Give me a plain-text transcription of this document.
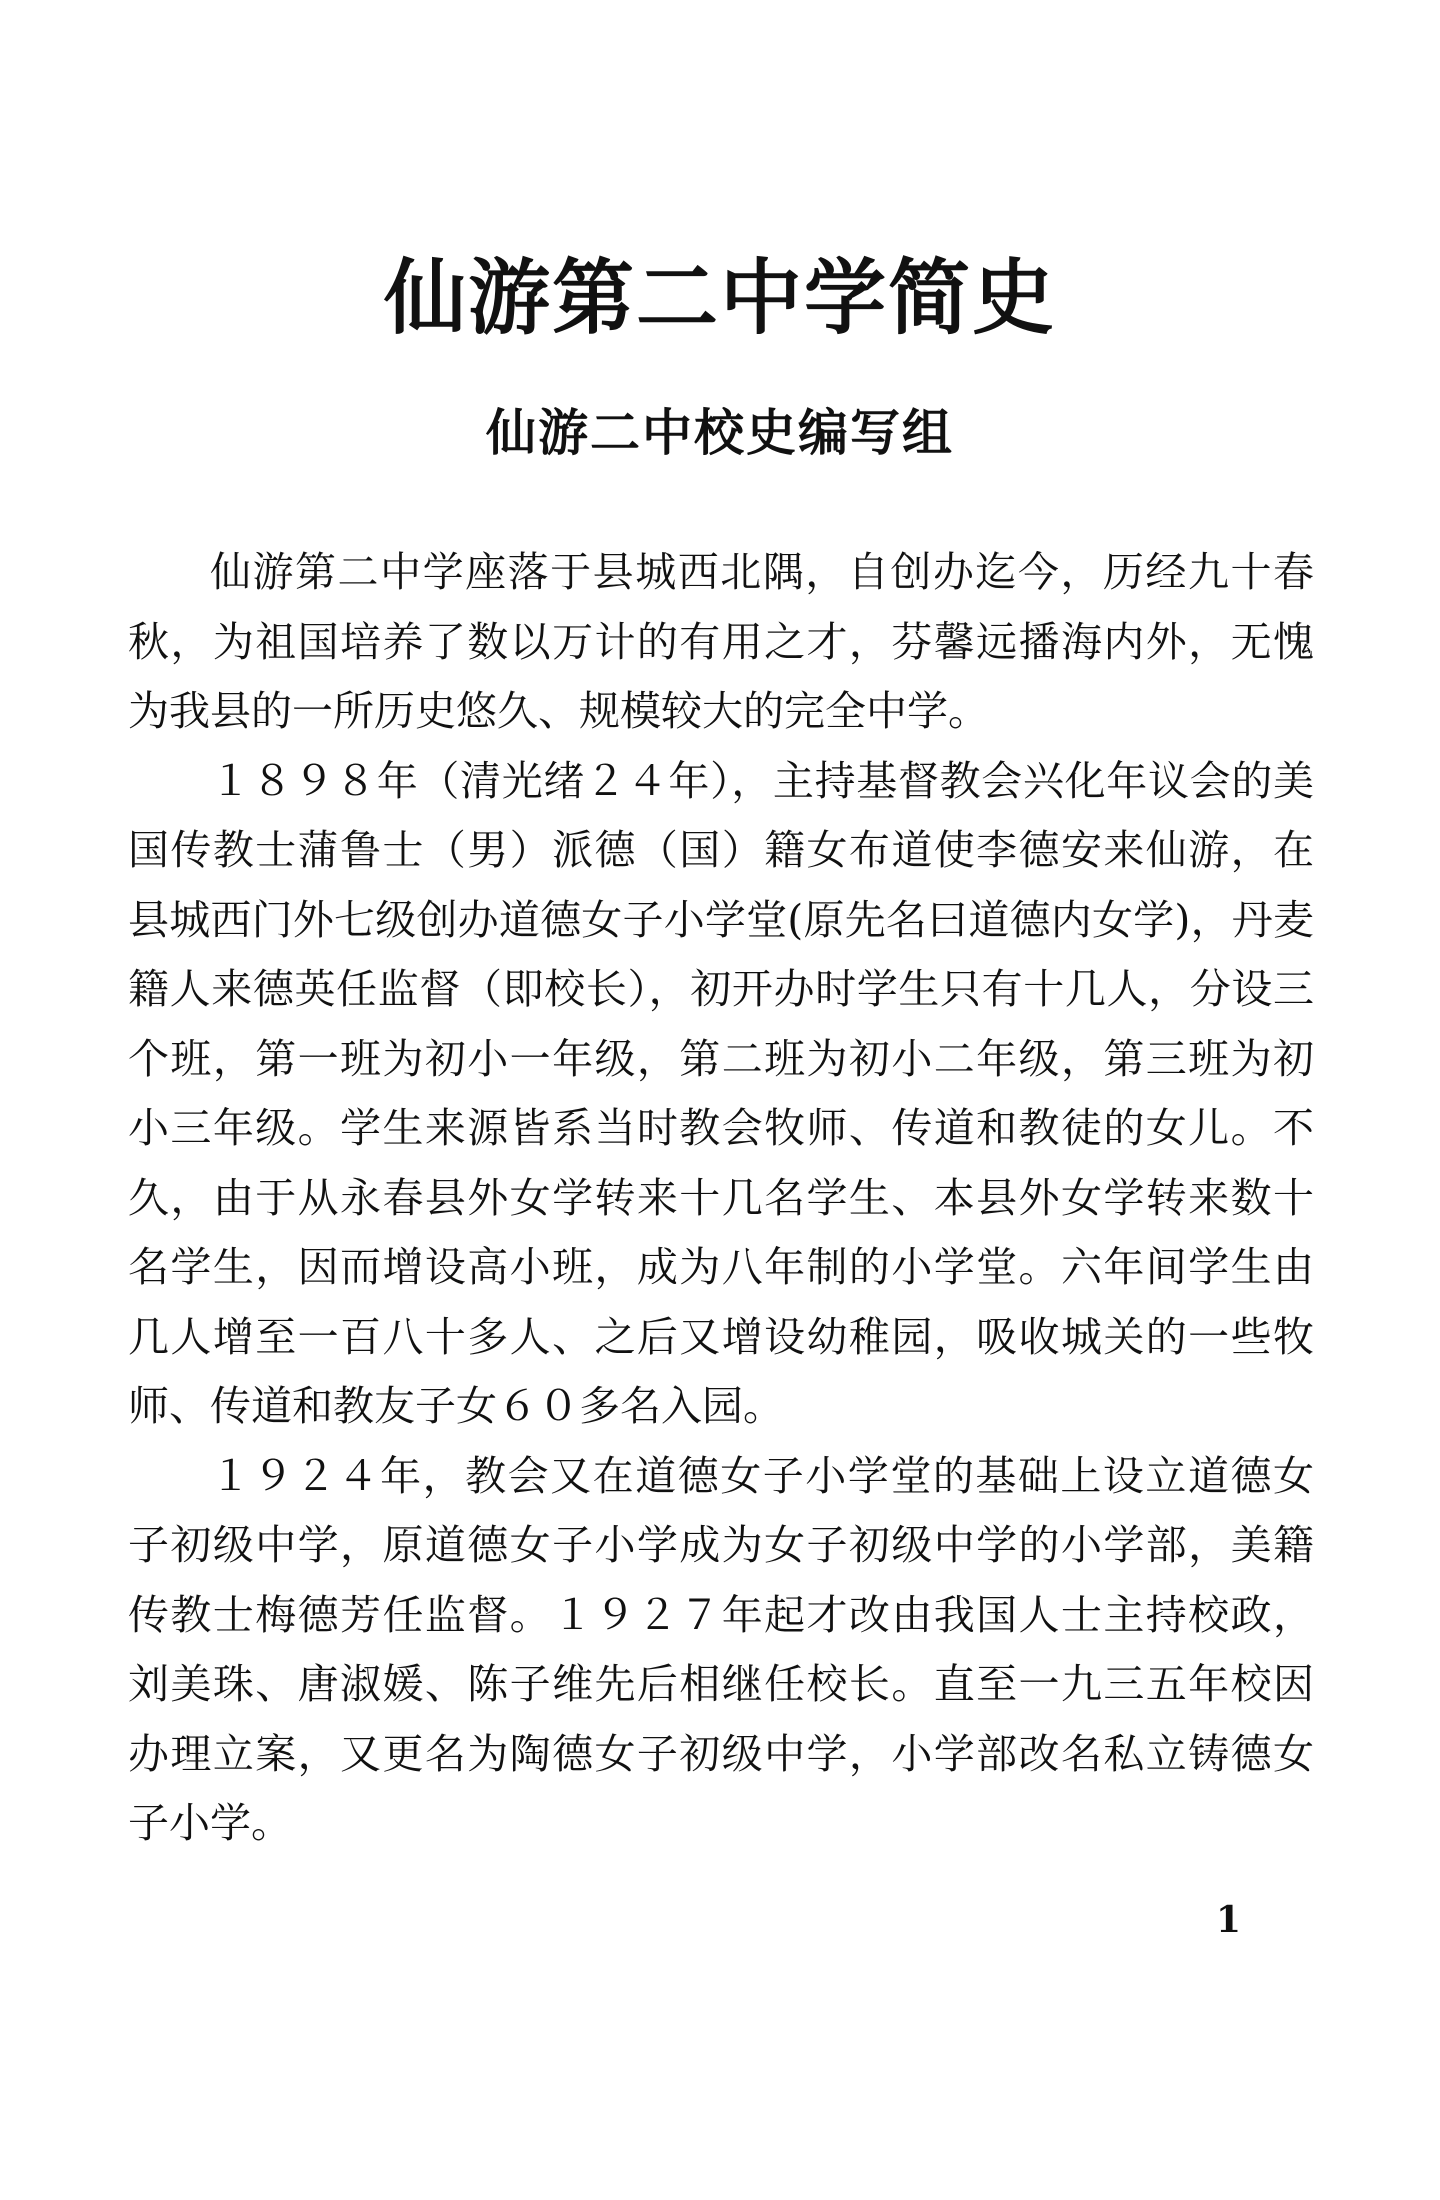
仙游第二中学简史
仙游二中校史编写组

仙游第二中学座落于县城西北隅，自创办迄今，历经九十春秋，为祖国培养了数以万计的有用之才，芬馨远播海内外，无愧为我县的一所历史悠久、规模较大的完全中学。

１８９８年（清光绪２４年），主持基督教会兴化年议会的美国传教士蒲鲁士（男）派德（国）籍女布道使李德安来仙游，在县城西门外七级创办道德女子小学堂(原先名曰道德内女学)，丹麦籍人来德英任监督（即校长），初开办时学生只有十几人，分设三个班，第一班为初小一年级，第二班为初小二年级，第三班为初小三年级。学生来源皆系当时教会牧师、传道和教徒的女儿。不久，由于从永春县外女学转来十几名学生、本县外女学转来数十名学生，因而增设高小班，成为八年制的小学堂。六年间学生由几人增至一百八十多人、之后又增设幼稚园，吸收城关的一些牧师、传道和教友子女６０多名入园。

１９２４年，教会又在道德女子小学堂的基础上设立道德女子初级中学，原道德女子小学成为女子初级中学的小学部，美籍传教士梅德芳任监督。１９２７年起才改由我国人士主持校政，刘美珠、唐淑媛、陈子维先后相继任校长。直至一九三五年校因办理立案，又更名为陶德女子初级中学，小学部改名私立铸德女子小学。

1
